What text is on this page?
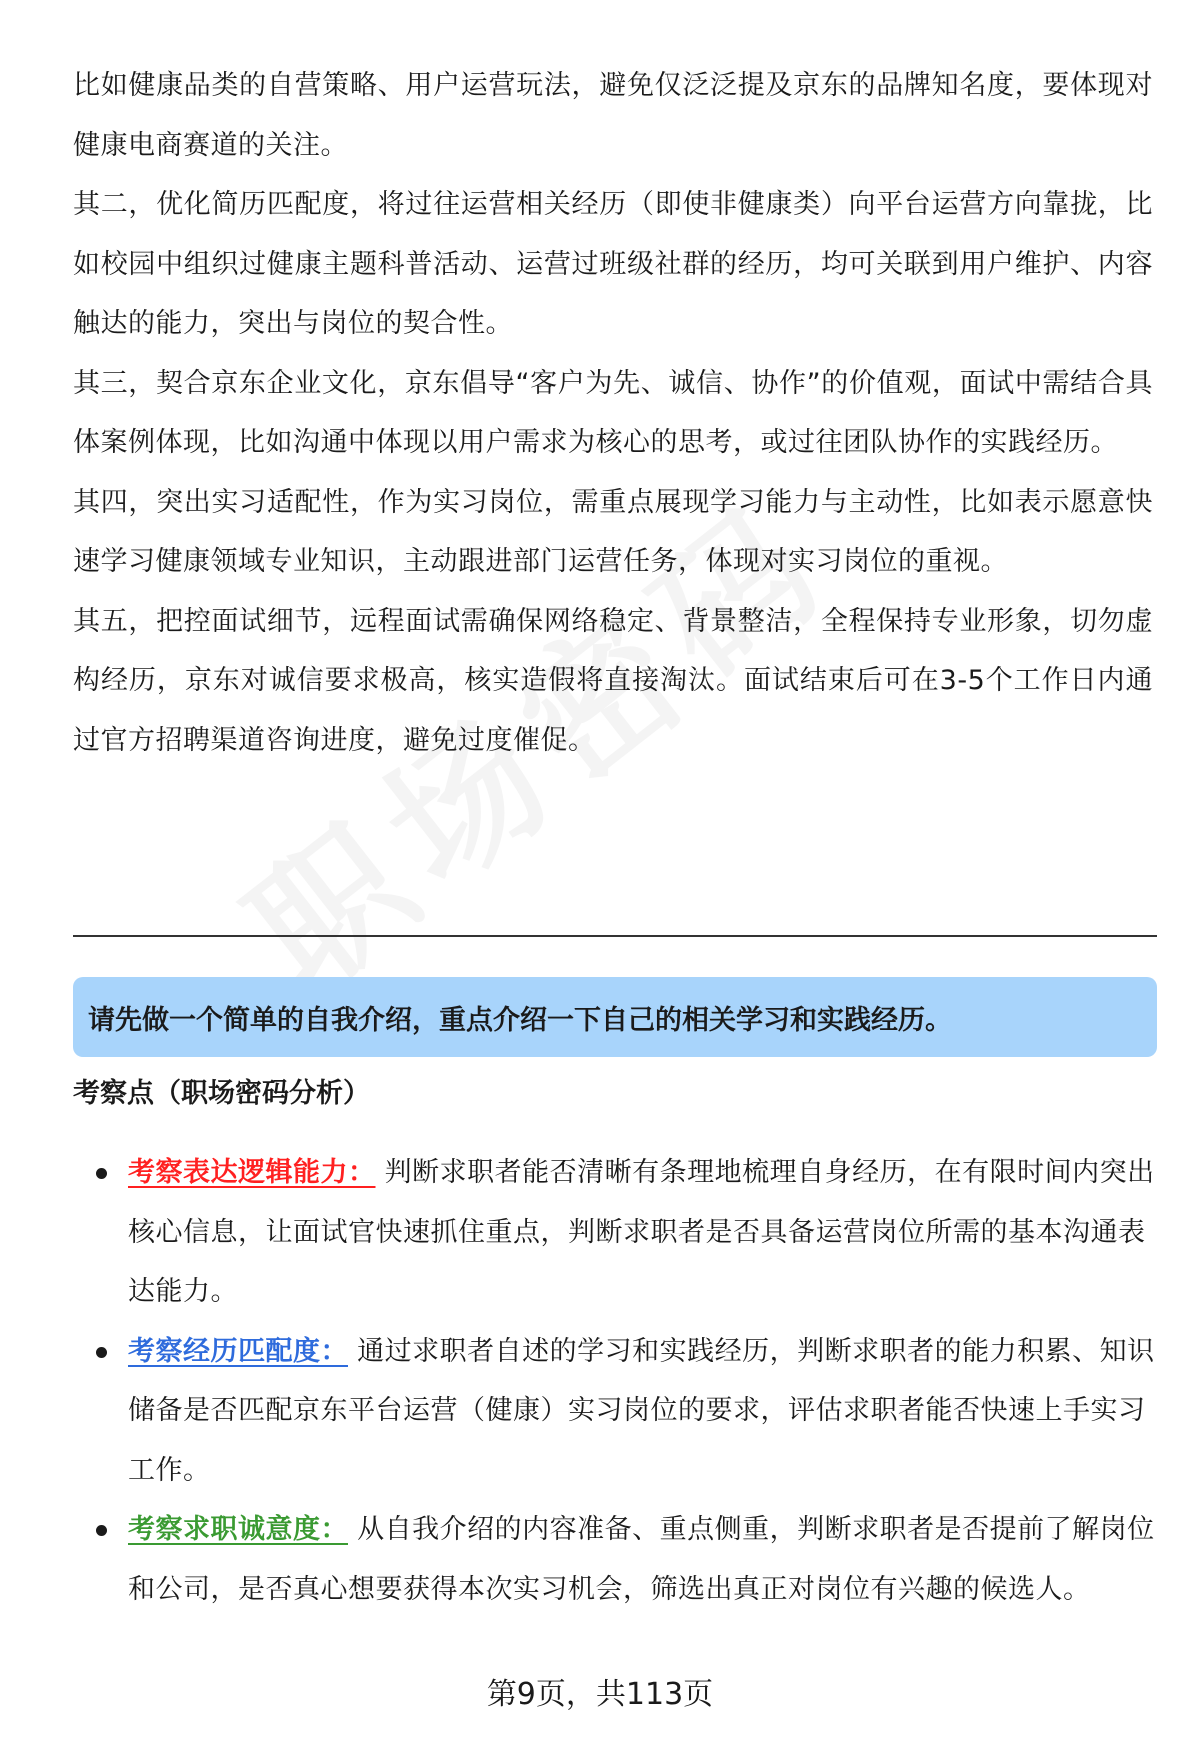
比如健康品类的自营策略、用户运营玩法，避免仅泛泛提及京东的品牌知名度，要体现对健康电商赛道的关注。

其二，优化简历匹配度，将过往运营相关经历（即使非健康类）向平台运营方向靠拢，比如校园中组织过健康主题科普活动、运营过班级社群的经历，均可关联到用户维护、内容触达的能力，突出与岗位的契合性。

其三，契合京东企业文化，京东倡导“客户为先、诚信、协作”的价值观，面试中需结合具体案例体现，比如沟通中体现以用户需求为核心的思考，或过往团队协作的实践经历。

其四，突出实习适配性，作为实习岗位，需重点展现学习能力与主动性，比如表示愿意快速学习健康领域专业知识，主动跟进部门运营任务，体现对实习岗位的重视。

其五，把控面试细节，远程面试需确保网络稳定、背景整洁，全程保持专业形象，切勿虚构经历，京东对诚信要求极高，核实造假将直接淘汰。面试结束后可在3-5个工作日内通过官方招聘渠道咨询进度，避免过度催促。

请先做一个简单的自我介绍，重点介绍一下自己的相关学习和实践经历。
考察点（职场密码分析）
考察表达逻辑能力： 判断求职者能否清晰有条理地梳理自身经历，在有限时间内突出核心信息，让面试官快速抓住重点，判断求职者是否具备运营岗位所需的基本沟通表达能力。
考察经历匹配度： 通过求职者自述的学习和实践经历，判断求职者的能力积累、知识储备是否匹配京东平台运营（健康）实习岗位的要求，评估求职者能否快速上手实习工作。
考察求职诚意度： 从自我介绍的内容准备、重点侧重，判断求职者是否提前了解岗位和公司，是否真心想要获得本次实习机会，筛选出真正对岗位有兴趣的候选人。
第9页，共113页
